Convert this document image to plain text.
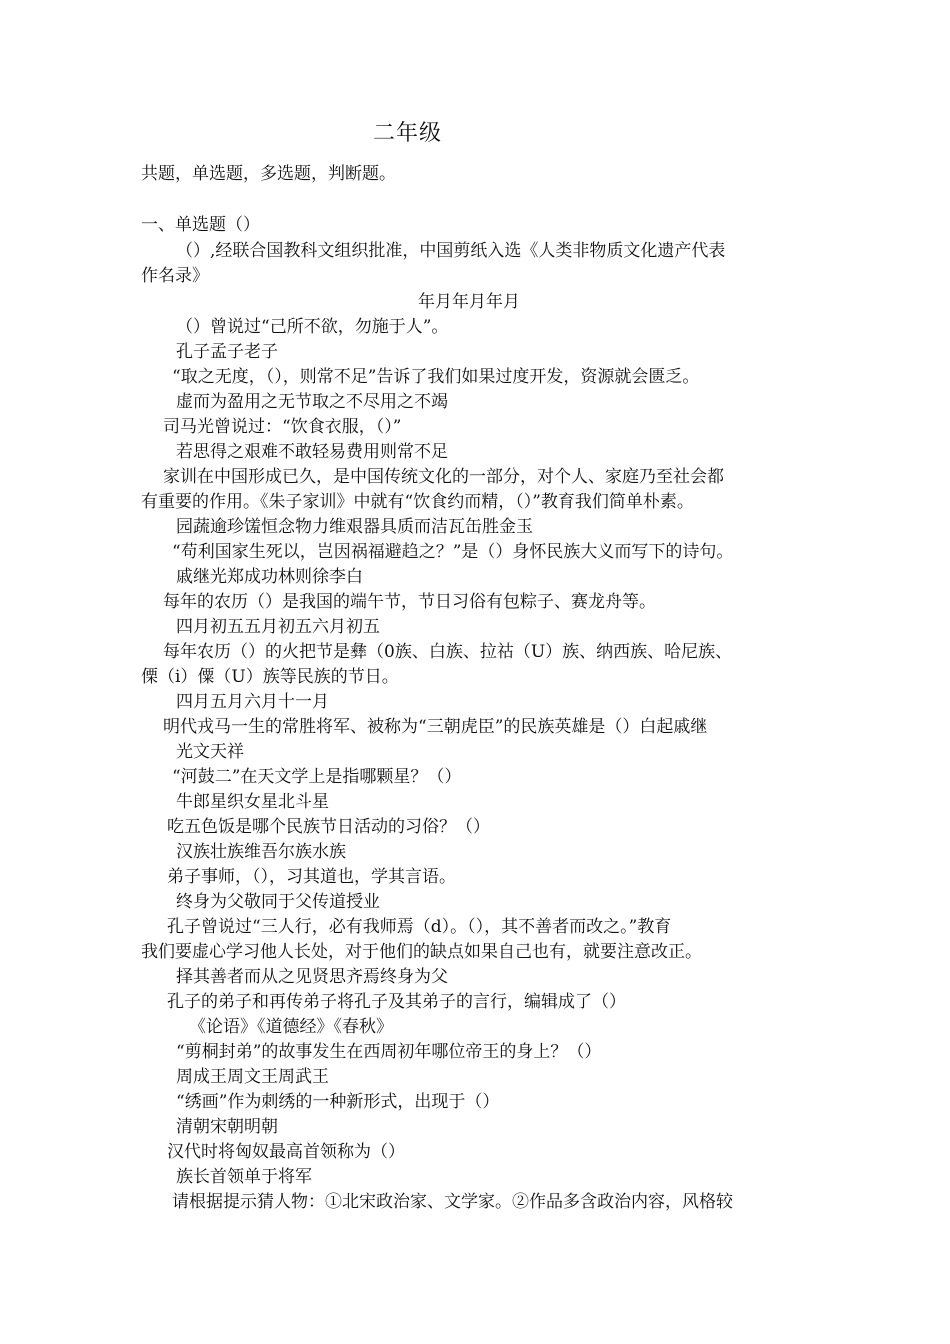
二年级
共题，单选题，多选题，判断题。
一、单选题（）
（）,经联合国教科文组织批准，中国剪纸入选《人类非物质文化遗产代表
作名录》
年月年月年月
（）曾说过“己所不欲，勿施于人”。
孔子孟子老子
“取之无度，（），则常不足”告诉了我们如果过度开发，资源就会匮乏。
虚而为盈用之无节取之不尽用之不竭
司马光曾说过：“饮食衣服，（）”
若思得之艰难不敢轻易费用则常不足
家训在中国形成已久，是中国传统文化的一部分，对个人、家庭乃至社会都
有重要的作用。《朱子家训》中就有“饮食约而精，（）”教育我们简单朴素。
园蔬逾珍馐恒念物力维艰器具质而洁瓦缶胜金玉
“苟利国家生死以，岂因祸福避趋之？”是（）身怀民族大义而写下的诗句。
戚继光郑成功林则徐李白
每年的农历（）是我国的端午节，节日习俗有包粽子、赛龙舟等。
四月初五五月初五六月初五
每年农历（）的火把节是彝（0族、白族、拉祜（U）族、纳西族、哈尼族、
傈（i）僳（U）族等民族的节日。
四月五月六月十一月
明代戎马一生的常胜将军、被称为“三朝虎臣”的民族英雄是（）白起戚继
光文天祥
“河鼓二”在天文学上是指哪颗星？（）
牛郎星织女星北斗星
吃五色饭是哪个民族节日活动的习俗？（）
汉族壮族维吾尔族水族
弟子事师，（），习其道也，学其言语。
终身为父敬同于父传道授业
孔子曾说过“三人行，必有我师焉（d）。（），其不善者而改之。”教育
我们要虚心学习他人长处，对于他们的缺点如果自己也有，就要注意改正。
择其善者而从之见贤思齐焉终身为父
孔子的弟子和再传弟子将孔子及其弟子的言行，编辑成了（）
《论语》《道德经》《春秋》
“剪桐封弟”的故事发生在西周初年哪位帝王的身上？（）
周成王周文王周武王
“绣画”作为刺绣的一种新形式，出现于（）
清朝宋朝明朝
汉代时将匈奴最高首领称为（）
族长首领单于将军
请根据提示猜人物：①北宋政治家、文学家。②作品多含政治内容，风格较
